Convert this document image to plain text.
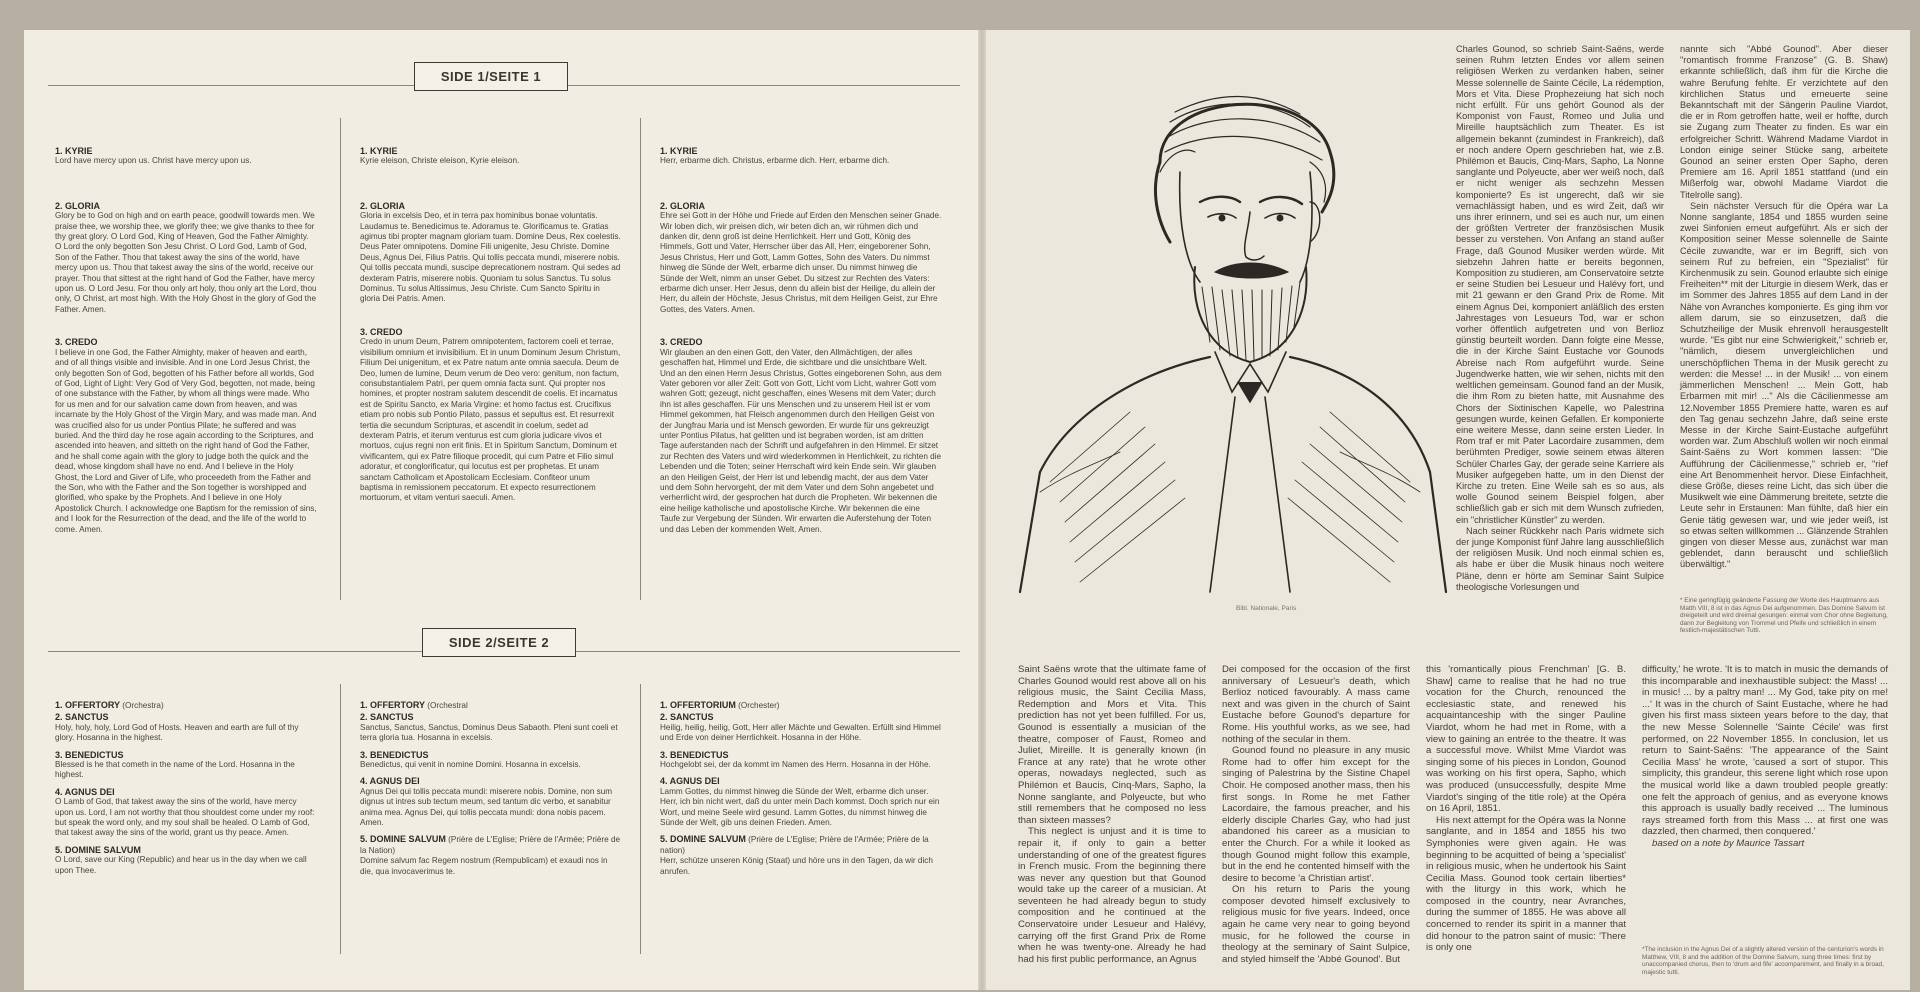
SIDE 1/SEITE 1
1. KYRIE
Lord have mercy upon us. Christ have mercy upon us.
2. GLORIA
Glory be to God on high and on earth peace, goodwill towards men. We praise thee, we worship thee, we glorify thee; we give thanks to thee for thy great glory. O Lord God, King of Heaven, God the Father Almighty. O Lord the only begotten Son Jesu Christ. O Lord God, Lamb of God, Son of the Father. Thou that takest away the sins of the world, have mercy upon us. Thou that takest away the sins of the world, receive our prayer. Thou that sittest at the right hand of God the Father, have mercy upon us. O Lord Jesu. For thou only art holy, thou only art the Lord, thou only, O Christ, art most high. With the Holy Ghost in the glory of God the Father. Amen.
3. CREDO
I believe in one God, the Father Almighty, maker of heaven and earth, and of all things visible and invisible. And in one Lord Jesus Christ, the only begotten Son of God, begotten of his Father before all worlds, God of God, Light of Light: Very God of Very God, begotten, not made, being of one substance with the Father, by whom all things were made. Who for us men and for our salvation came down from heaven, and was incarnate by the Holy Ghost of the Virgin Mary, and was made man. And was crucified also for us under Pontius Pilate; he suffered and was buried. And the third day he rose again according to the Scriptures, and ascended into heaven, and sitteth on the right hand of God the Father, and he shall come again with the glory to judge both the quick and the dead, whose kingdom shall have no end. And I believe in the Holy Ghost, the Lord and Giver of Life, who proceedeth from the Father and the Son, who with the Father and the Son together is worshipped and glorified, who spake by the Prophets. And I believe in one Holy Apostolick Church. I acknowledge one Baptism for the remission of sins, and I look for the Resurrection of the dead, and the life of the world to come. Amen.
1. KYRIE
Kyrie eleison, Christe eleison, Kyrie eleison.
2. GLORIA
Gloria in excelsis Deo, et in terra pax hominibus bonae voluntatis. Laudamus te. Benedicimus te. Adoramus te. Glorificamus te. Gratias agimus tibi propter magnam gloriam tuam. Domine Deus, Rex coelestis. Deus Pater omnipotens. Domine Fili unigenite, Jesu Christe. Domine Deus, Agnus Dei, Filius Patris. Qui tollis peccata mundi, miserere nobis. Qui tollis peccata mundi, suscipe deprecationem nostram. Qui sedes ad dexteram Patris, miserere nobis. Quoniam tu solus Sanctus. Tu solus Dominus. Tu solus Altissimus, Jesu Christe. Cum Sancto Spiritu in gloria Dei Patris. Amen.
3. CREDO
Credo in unum Deum, Patrem omnipotentem, factorem coeli et terrae, visibilium omnium et invisibilium. Et in unum Dominum Jesum Christum, Filium Dei unigenitum, et ex Patre natum ante omnia saecula. Deum de Deo, lumen de lumine, Deum verum de Deo vero: genitum, non factum, consubstantialem Patri, per quem omnia facta sunt. Qui propter nos homines, et propter nostram salutem descendit de coelis. Et incarnatus est de Spiritu Sancto, ex Maria Virgine: et homo factus est. Crucifixus etiam pro nobis sub Pontio Pilato, passus et sepultus est. Et resurrexit tertia die secundum Scripturas, et ascendit in coelum, sedet ad dexteram Patris, et iterum venturus est cum gloria judicare vivos et mortuos, cujus regni non erit finis. Et in Spiritum Sanctum, Dominum et vivificantem, qui ex Patre filioque procedit, qui cum Patre et Filio simul adoratur, et conglorificatur, qui locutus est per prophetas. Et unam sanctam Catholicam et Apostolicam Ecclesiam. Confiteor unum baptisma in remissionem peccatorum. Et expecto resurrectionem mortuorum, et vitam venturi saeculi. Amen.
1. KYRIE
Herr, erbarme dich. Christus, erbarme dich. Herr, erbarme dich.
2. GLORIA
Ehre sei Gott in der Höhe und Friede auf Erden den Menschen seiner Gnade. Wir loben dich, wir preisen dich, wir beten dich an, wir rühmen dich und danken dir, denn groß ist deine Herrlichkeit. Herr und Gott, König des Himmels, Gott und Vater, Herrscher über das All, Herr, eingeborener Sohn, Jesus Christus, Herr und Gott, Lamm Gottes, Sohn des Vaters. Du nimmst hinweg die Sünde der Welt, erbarme dich unser. Du nimmst hinweg die Sünde der Welt, nimm an unser Gebet. Du sitzest zur Rechten des Vaters: erbarme dich unser. Herr Jesus, denn du allein bist der Heilige, du allein der Herr, du allein der Höchste, Jesus Christus, mit dem Heiligen Geist, zur Ehre Gottes, des Vaters. Amen.
3. CREDO
Wir glauben an den einen Gott, den Vater, den Allmächtigen, der alles geschaffen hat, Himmel und Erde, die sichtbare und die unsichtbare Welt. Und an den einen Herrn Jesus Christus, Gottes eingeborenen Sohn, aus dem Vater geboren vor aller Zeit: Gott von Gott, Licht vom Licht, wahrer Gott vom wahren Gott; gezeugt, nicht geschaffen, eines Wesens mit dem Vater; durch ihn ist alles geschaffen. Für uns Menschen und zu unserem Heil ist er vom Himmel gekommen, hat Fleisch angenommen durch den Heiligen Geist von der Jungfrau Maria und ist Mensch geworden. Er wurde für uns gekreuzigt unter Pontius Pilatus, hat gelitten und ist begraben worden, ist am dritten Tage auferstanden nach der Schrift und aufgefahren in den Himmel. Er sitzet zur Rechten des Vaters und wird wiederkommen in Herrlichkeit, zu richten die Lebenden und die Toten; seiner Herrschaft wird kein Ende sein. Wir glauben an den Heiligen Geist, der Herr ist und lebendig macht, der aus dem Vater und dem Sohn hervorgeht, der mit dem Vater und dem Sohn angebetet und verherrlicht wird, der gesprochen hat durch die Propheten. Wir bekennen die eine heilige katholische und apostolische Kirche. Wir bekennen die eine Taufe zur Vergebung der Sünden. Wir erwarten die Auferstehung der Toten und das Leben der kommenden Welt. Amen.
SIDE 2/SEITE 2
1. OFFERTORY (Orchestra)
2. SANCTUS
Holy, holy, holy, Lord God of Hosts. Heaven and earth are full of thy glory. Hosanna in the highest.
3. BENEDICTUS
Blessed is he that cometh in the name of the Lord. Hosanna in the highest.
4. AGNUS DEI
O Lamb of God, that takest away the sins of the world, have mercy upon us. Lord, I am not worthy that thou shouldest come under my roof: but speak the word only, and my soul shall be healed. O Lamb of God, that takest away the sins of the world, grant us thy peace. Amen.
5. DOMINE SALVUM
O Lord, save our King (Republic) and hear us in the day when we call upon Thee.
1. OFFERTORY (Orchestral
2. SANCTUS
Sanctus, Sanctus, Sanctus, Dominus Deus Sabaoth. Pleni sunt coeli et terra gloria tua. Hosanna in excelsis.
3. BENEDICTUS
Benedictus, qui venit in nomine Domini. Hosanna in excelsis.
4. AGNUS DEI
Agnus Dei qui tollis peccata mundi: miserere nobis. Domine, non sum dignus ut intres sub tectum meum, sed tantum dic verbo, et sanabitur anima mea. Agnus Dei, qui tollis peccata mundi: dona nobis pacem. Amen.
5. DOMINE SALVUM (Prière de L'Eglise; Prière de l'Armée; Prière de la Nation)
Domine salvum fac Regem nostrum (Rempublicam) et exaudi nos in die, qua invocaverimus te.
1. OFFERTORIUM (Orchester)
2. SANCTUS
Heilig, heilig, heilig, Gott, Herr aller Mächte und Gewalten. Erfüllt sind Himmel und Erde von deiner Herrlichkeit. Hosanna in der Höhe.
3. BENEDICTUS
Hochgelobt sei, der da kommt im Namen des Herrn. Hosanna in der Höhe.
4. AGNUS DEI
Lamm Gottes, du nimmst hinweg die Sünde der Welt, erbarme dich unser. Herr, ich bin nicht wert, daß du unter mein Dach kommst. Doch sprich nur ein Wort, und meine Seele wird gesund. Lamm Gottes, du nimmst hinweg die Sünde der Welt, gib uns deinen Frieden. Amen.
5. DOMINE SALVUM (Prière de L'Eglise; Prière de l'Armée; Prière de la nation)
Herr, schütze unseren König (Staat) und höre uns in den Tagen, da wir dich anrufen.
Bibl. Nationale, Paris

Charles Gounod, so schrieb Saint-Saëns, werde seinen Ruhm letzten Endes vor allem seinen religiösen Werken zu verdanken haben, seiner Messe solennelle de Sainte Cécile, La rédemption, Mors et Vita. Diese Prophezeiung hat sich noch nicht erfüllt. Für uns gehört Gounod als der Komponist von Faust, Romeo und Julia und Mireille hauptsächlich zum Theater. Es ist allgemein bekannt (zumindest in Frankreich), daß er noch andere Opern geschrieben hat, wie z.B. Philémon et Baucis, Cinq-Mars, Sapho, La Nonne sanglante und Polyeucte, aber wer weiß noch, daß er nicht weniger als sechzehn Messen komponierte? Es ist ungerecht, daß wir sie vernachlässigt haben, und es wird Zeit, daß wir uns ihrer erinnern, und sei es auch nur, um einen der größten Vertreter der französischen Musik besser zu verstehen. Von Anfang an stand außer Frage, daß Gounod Musiker werden würde. Mit siebzehn Jahren hatte er bereits begonnen, Komposition zu studieren, am Conservatoire setzte er seine Studien bei Lesueur und Halévy fort, und mit 21 gewann er den Grand Prix de Rome. Mit einem Agnus Dei, komponiert anläßlich des ersten Jahrestages von Lesueurs Tod, war er schon vorher öffentlich aufgetreten und von Berlioz günstig beurteilt worden. Dann folgte eine Messe, die in der Kirche Saint Eustache vor Gounods Abreise nach Rom aufgeführt wurde. Seine Jugendwerke hatten, wie wir sehen, nichts mit den weltlichen gemeinsam. Gounod fand an der Musik, die ihm Rom zu bieten hatte, mit Ausnahme des Chors der Sixtinischen Kapelle, wo Palestrina gesungen wurde, keinen Gefallen. Er komponierte eine weitere Messe, dann seine ersten Lieder. In Rom traf er mit Pater Lacordaire zusammen, dem berühmten Prediger, sowie seinem etwas älteren Schüler Charles Gay, der gerade seine Karriere als Musiker aufgegeben hatte, um in den Dienst der Kirche zu treten. Eine Weile sah es so aus, als wolle Gounod seinem Beispiel folgen, aber schließlich gab er sich mit dem Wunsch zufrieden, ein "christlicher Künstler" zu werden.

Nach seiner Rückkehr nach Paris widmete sich der junge Komponist fünf Jahre lang ausschließlich der religiösen Musik. Und noch einmal schien es, als habe er über die Musik hinaus noch weitere Pläne, denn er hörte am Seminar Saint Sulpice theologische Vorlesungen und

nannte sich "Abbé Gounod". Aber dieser "romantisch fromme Franzose" (G. B. Shaw) erkannte schließlich, daß ihm für die Kirche die wahre Berufung fehlte. Er verzichtete auf den kirchlichen Status und erneuerte seine Bekanntschaft mit der Sängerin Pauline Viardot, die er in Rom getroffen hatte, weil er hoffte, durch sie Zugang zum Theater zu finden. Es war ein erfolgreicher Schritt. Während Madame Viardot in London einige seiner Stücke sang, arbeitete Gounod an seiner ersten Oper Sapho, deren Premiere am 16. April 1851 stattfand (und ein Mißerfolg war, obwohl Madame Viardot die Titelrolle sang).

Sein nächster Versuch für die Opéra war La Nonne sanglante, 1854 und 1855 wurden seine zwei Sinfonien erneut aufgeführt. Als er sich der Komposition seiner Messe solennelle de Sainte Cécile zuwandte, war er im Begriff, sich von seinem Ruf zu befreien, ein "Spezialist" für Kirchenmusik zu sein. Gounod erlaubte sich einige Freiheiten** mit der Liturgie in diesem Werk, das er im Sommer des Jahres 1855 auf dem Land in der Nähe von Avranches komponierte. Es ging ihm vor allem darum, sie so einzusetzen, daß die Schutzheilige der Musik ehrenvoll herausgestellt wurde. "Es gibt nur eine Schwierigkeit," schrieb er, "nämlich, diesem unvergleichlichen und unerschöpflichen Thema in der Musik gerecht zu werden: die Messe! ... in der Musik! ... von einem jämmerlichen Menschen! ... Mein Gott, hab Erbarmen mit mir! ..." Als die Cäcilienmesse am 12.November 1855 Premiere hatte, waren es auf den Tag genau sechzehn Jahre, daß seine erste Messe in der Kirche Saint-Eustache aufgeführt worden war. Zum Abschluß wollen wir noch einmal Saint-Saëns zu Wort kommen lassen: "Die Aufführung der Cäcilienmesse," schrieb er, "rief eine Art Benommenheit hervor. Diese Einfachheit, diese Größe, dieses reine Licht, das sich über die Musikwelt wie eine Dämmerung breitete, setzte die Leute sehr in Erstaunen: Man fühlte, daß hier ein Genie tätig gewesen war, und wie jeder weiß, ist so etwas selten willkommen ... Glänzende Strahlen gingen von dieser Messe aus, zunächst war man geblendet, dann berauscht und schließlich überwältigt."

* Eine geringfügig geänderte Fassung der Worte des Hauptmanns aus Matth VIII, 8 ist in das Agnus Dei aufgenommen. Das Domine Salvum ist dreigeteilt und wird dreimal gesungen: einmal vom Chor ohne Begleitung, dann zur Begleitung von Trommel und Pfeife und schließlich in einem festlich-majestätischen Tutti.

Saint Saëns wrote that the ultimate fame of Charles Gounod would rest above all on his religious music, the Saint Cecilia Mass, Redemption and Mors et Vita. This prediction has not yet been fulfilled. For us, Gounod is essentially a musician of the theatre, composer of Faust, Romeo and Juliet, Mireille. It is generally known (in France at any rate) that he wrote other operas, nowadays neglected, such as Philémon et Baucis, Cinq-Mars, Sapho, la Nonne sanglante, and Polyeucte, but who still remembers that he composed no less than sixteen masses?

This neglect is unjust and it is time to repair it, if only to gain a better understanding of one of the greatest figures in French music. From the beginning there was never any question but that Gounod would take up the career of a musician. At seventeen he had already begun to study composition and he continued at the Conservatoire under Lesueur and Halévy, carrying off the first Grand Prix de Rome when he was twenty-one. Already he had had his first public performance, an Agnus

Dei composed for the occasion of the first anniversary of Lesueur's death, which Berlioz noticed favourably. A mass came next and was given in the church of Saint Eustache before Gounod's departure for Rome. His youthful works, as we see, had nothing of the secular in them.

Gounod found no pleasure in any music Rome had to offer him except for the singing of Palestrina by the Sistine Chapel Choir. He composed another mass, then his first songs. In Rome he met Father Lacordaire, the famous preacher, and his elderly disciple Charles Gay, who had just abandoned his career as a musician to enter the Church. For a while it looked as though Gounod might follow this example, but in the end he contented himself with the desire to become 'a Christian artist'.

On his return to Paris the young composer devoted himself exclusively to religious music for five years. Indeed, once again he came very near to going beyond music, for he followed the course in theology at the seminary of Saint Sulpice, and styled himself the 'Abbé Gounod'. But

this 'romantically pious Frenchman' [G. B. Shaw] came to realise that he had no true vocation for the Church, renounced the ecclesiastic state, and renewed his acquaintanceship with the singer Pauline Viardot, whom he had met in Rome, with a view to gaining an entrée to the theatre. It was a successful move. Whilst Mme Viardot was singing some of his pieces in London, Gounod was working on his first opera, Sapho, which was produced (unsuccessfully, despite Mme Viardot's singing of the title role) at the Opéra on 16 April, 1851.

His next attempt for the Opéra was la Nonne sanglante, and in 1854 and 1855 his two Symphonies were given again. He was beginning to be acquitted of being a 'specialist' in religious music, when he undertook his Saint Cecilia Mass. Gounod took certain liberties* with the liturgy in this work, which he composed in the country, near Avranches, during the summer of 1855. He was above all concerned to render its spirit in a manner that did honour to the patron saint of music: 'There is only one

difficulty,' he wrote. 'It is to match in music the demands of this incomparable and inexhaustible subject: the Mass! ... in music! ... by a paltry man! ... My God, take pity on me! ...' It was in the church of Saint Eustache, where he had given his first mass sixteen years before to the day, that the new Messe Solennelle 'Sainte Cécile' was first performed, on 22 November 1855. In conclusion, let us return to Saint-Saëns: 'The appearance of the Saint Cecilia Mass' he wrote, 'caused a sort of stupor. This simplicity, this grandeur, this serene light which rose upon the musical world like a dawn troubled people greatly: one felt the approach of genius, and as everyone knows this approach is usually badly received ... The luminous rays streamed forth from this Mass ... at first one was dazzled, then charmed, then conquered.'

based on a note by Maurice Tassart

*The inclusion in the Agnus Dei of a slightly altered version of the centurion's words in Matthew, VIII, 8 and the addition of the Domine Salvum, sung three times: first by unaccompanied chorus, then to 'drum and fife' accompaniment, and finally in a broad, majestic tutti.
